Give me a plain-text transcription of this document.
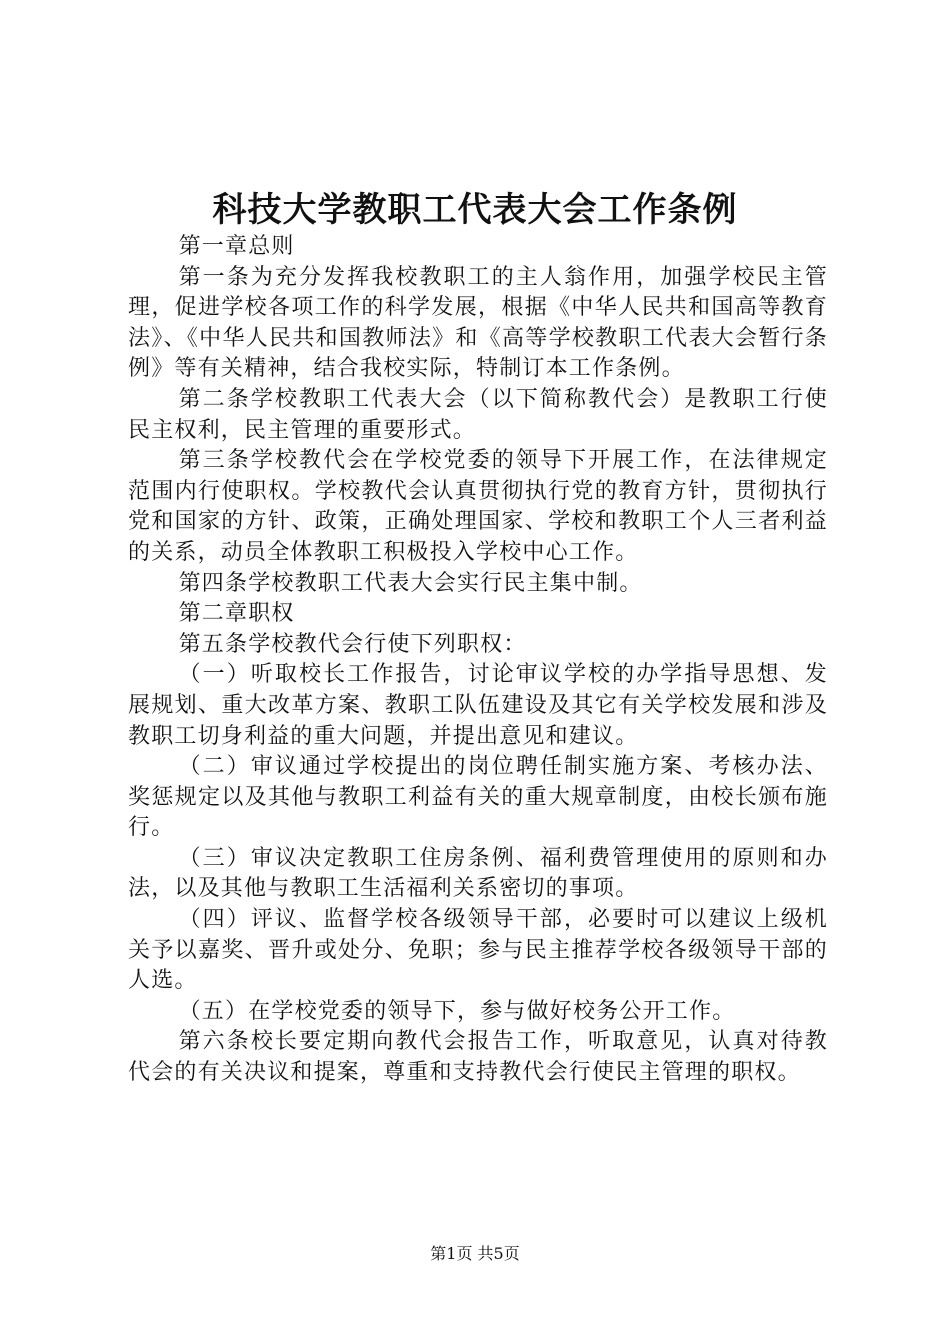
科技大学教职工代表大会工作条例

第一章总则

第一条为充分发挥我校教职工的主人翁作用，加强学校民主管理，促进学校各项工作的科学发展，根据《中华人民共和国高等教育法》、《中华人民共和国教师法》和《高等学校教职工代表大会暂行条例》等有关精神，结合我校实际，特制订本工作条例。

第二条学校教职工代表大会（以下简称教代会）是教职工行使民主权利，民主管理的重要形式。

第三条学校教代会在学校党委的领导下开展工作，在法律规定范围内行使职权。学校教代会认真贯彻执行党的教育方针，贯彻执行党和国家的方针、政策，正确处理国家、学校和教职工个人三者利益的关系，动员全体教职工积极投入学校中心工作。

第四条学校教职工代表大会实行民主集中制。

第二章职权

第五条学校教代会行使下列职权：

（一）听取校长工作报告，讨论审议学校的办学指导思想、发展规划、重大改革方案、教职工队伍建设及其它有关学校发展和涉及教职工切身利益的重大问题，并提出意见和建议。

（二）审议通过学校提出的岗位聘任制实施方案、考核办法、奖惩规定以及其他与教职工利益有关的重大规章制度，由校长颁布施行。

（三）审议决定教职工住房条例、福利费管理使用的原则和办法，以及其他与教职工生活福利关系密切的事项。

（四）评议、监督学校各级领导干部，必要时可以建议上级机关予以嘉奖、晋升或处分、免职；参与民主推荐学校各级领导干部的人选。

（五）在学校党委的领导下，参与做好校务公开工作。

第六条校长要定期向教代会报告工作，听取意见，认真对待教代会的有关决议和提案，尊重和支持教代会行使民主管理的职权。

第1页 共5页
